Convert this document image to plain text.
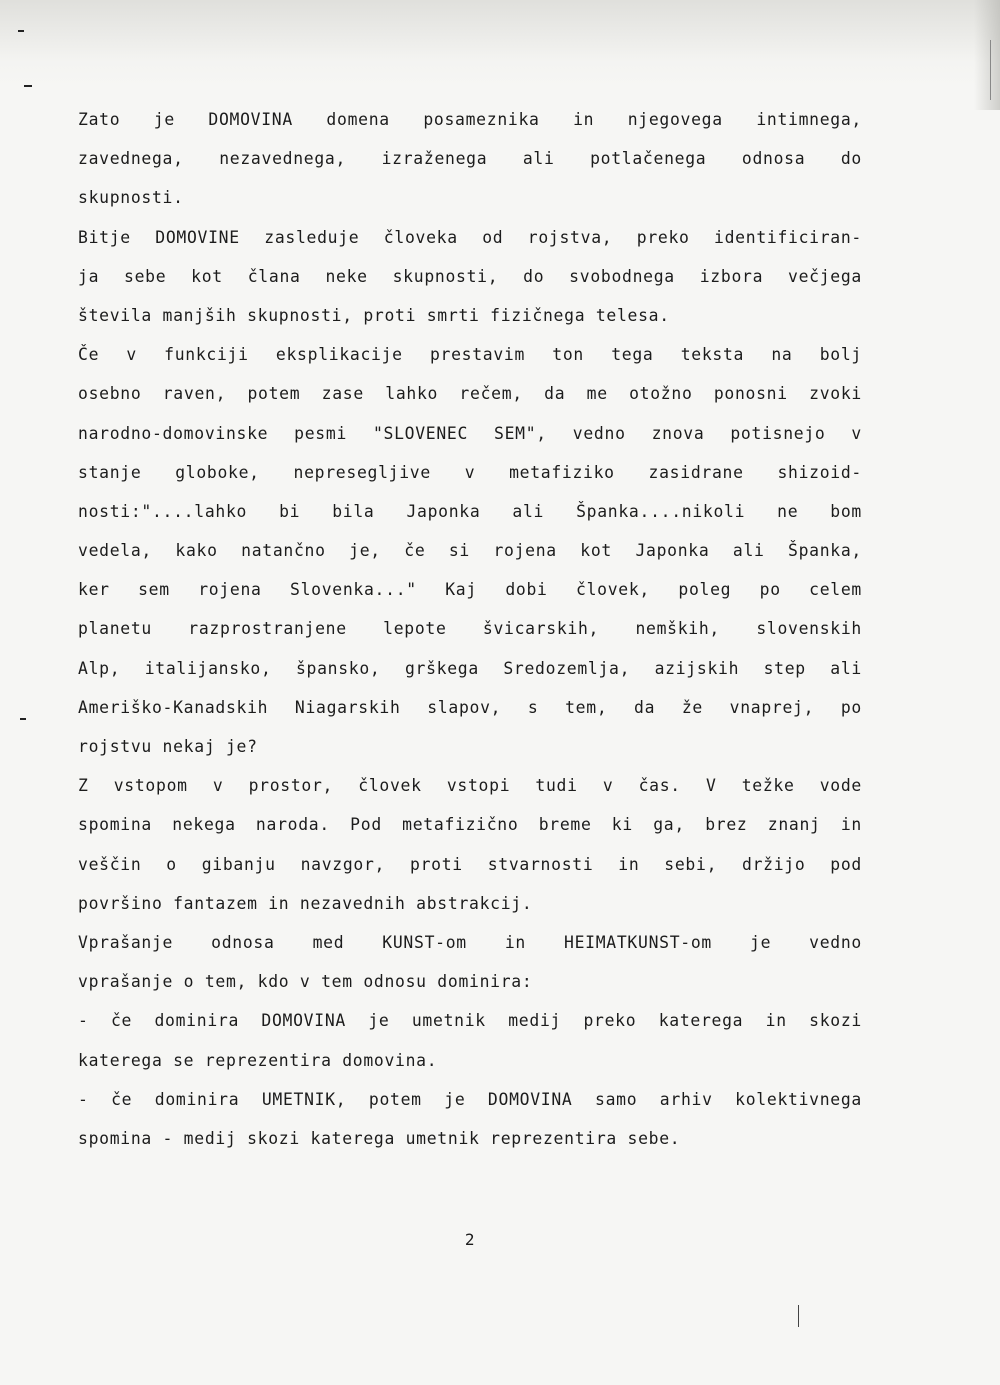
Zato je DOMOVINA domena posameznika in njegovega intimnega,
zavednega, nezavednega, izraženega ali potlačenega odnosa do
skupnosti.
Bitje DOMOVINE zasleduje človeka od rojstva, preko identificiran-
ja sebe kot člana neke skupnosti, do svobodnega izbora večjega
števila manjših skupnosti, proti smrti fizičnega telesa.
Če v funkciji eksplikacije prestavim ton tega teksta na bolj
osebno raven, potem zase lahko rečem, da me otožno ponosni zvoki
narodno-domovinske pesmi "SLOVENEC SEM", vedno znova potisnejo v
stanje globoke, nepresegljive v metafiziko zasidrane shizoid-
nosti:"....lahko bi bila Japonka ali Španka....nikoli ne bom
vedela, kako natančno je, če si rojena kot Japonka ali Španka,
ker sem rojena Slovenka..." Kaj dobi človek, poleg po celem
planetu razprostranjene lepote švicarskih, nemških, slovenskih
Alp, italijansko, špansko, grškega Sredozemlja, azijskih step ali
Ameriško-Kanadskih Niagarskih slapov, s tem, da že vnaprej, po
rojstvu nekaj je?
Z vstopom v prostor, človek vstopi tudi v čas. V težke vode
spomina nekega naroda. Pod metafizično breme ki ga, brez znanj in
veščin o gibanju navzgor, proti stvarnosti in sebi, držijo pod
površino fantazem in nezavednih abstrakcij.
Vprašanje odnosa med KUNST-om in HEIMATKUNST-om je vedno
vprašanje o tem, kdo v tem odnosu dominira:
- če dominira DOMOVINA je umetnik medij preko katerega in skozi
katerega se reprezentira domovina.
- če dominira UMETNIK, potem je DOMOVINA samo arhiv kolektivnega
spomina - medij skozi katerega umetnik reprezentira sebe.
2
